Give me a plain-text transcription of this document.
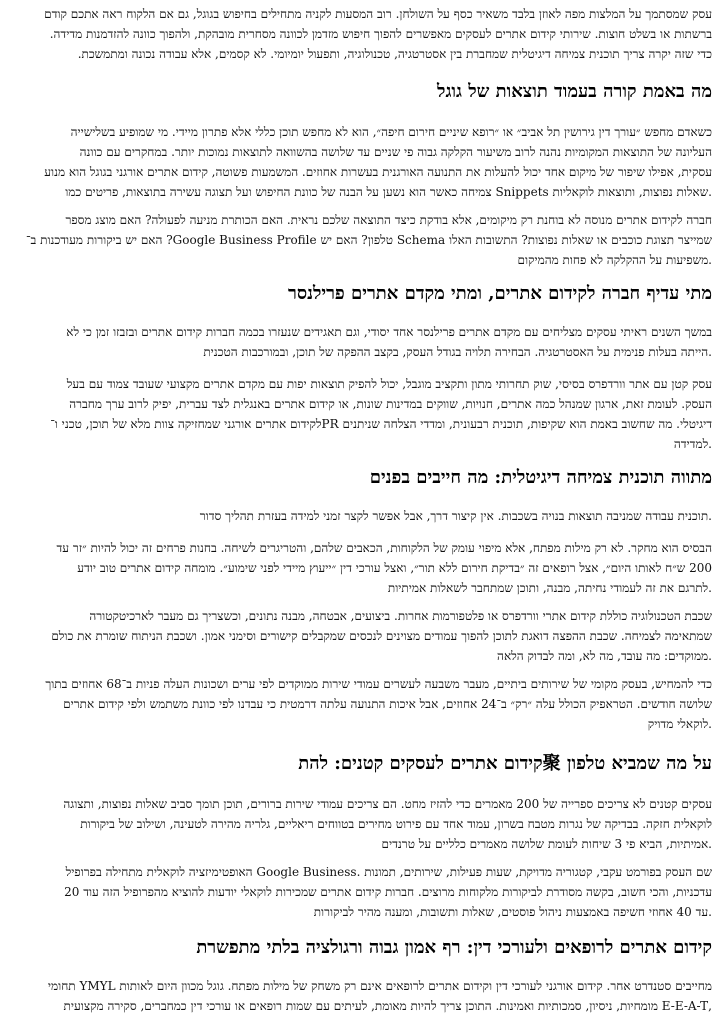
עסק שמסתמך על המלצות מפה לאוזן בלבד משאיר כסף על השולחן. רוב המסעות לקניה מתחילים בחיפוש בגוגל, גם אם הלקוח ראה אתכם קודם
ברשתות או בשלט חוצות. שירותי קידום אתרים לעסקים מאפשרים להפוך חיפוש מזדמן לכוונה מסחרית מובהקת, ולהפוך כוונה להזדמנות מדידה.
כדי שזה יקרה צריך תוכנית צמיחה דיגיטלית שמחברת בין אסטרטגיה, טכנולוגיה, ותפעול יומיומי. לא קסמים, אלא עבודה נכונה ומתמשכת.

מה באמת קורה בעמוד תוצאות של גוגל

כשאדם מחפש ״עורך דין גירושין תל אביב״ או ״רופא שיניים חירום חיפה״, הוא לא מחפש תוכן כללי אלא פתרון מיידי. מי שמופיע בשלישייה
העליונה של התוצאות המקומיות נהנה לרוב משיעור הקלקה גבוה פי שניים עד שלושה בהשוואה לתוצאות נמוכות יותר. במחקרים עם כוונה
עסקית, אפילו שיפור של מיקום אחד יכול להעלות את התנועה האורגנית בעשרות אחוזים. המשמעות פשוטה, קידום אתרים אורגני בגוגל הוא מנוע
.שאלות נפוצות, ותוצאות לוקאליות Snippets צמיחה כאשר הוא נשען על הבנה של כוונת החיפוש ועל תצוגה עשירה בתוצאות, פריטים כמו

חברה לקידום אתרים מנוסה לא בוחנת רק מיקומים, אלא בודקת כיצד התוצאה שלכם נראית. האם הכותרת מניעה לפעולה? האם מוצג מספר
שמייצר תצוגת כוכבים או שאלות נפוצות? התשובות האלו Schema טלפון? האם יש Google Business Profile? האם יש ביקורות מעודכנות ב־
.משפיעות על ההקלקה לא פחות מהמיקום

מתי עדיף חברה לקידום אתרים, ומתי מקדם אתרים פרילנסר

במשך השנים ראיתי עסקים מצליחים עם מקדם אתרים פרילנסר אחד יסודי, וגם תאגידים שנעזרו בכמה חברות קידום אתרים ובזבזו זמן כי לא
.הייתה בעלות פנימית על האסטרטגיה. הבחירה תלויה בגודל העסק, בקצב ההפקה של תוכן, ובמורכבות הטכנית

עסק קטן עם אתר וורדפרס בסיסי, שוק תחרותי מתון ותקציב מוגבל, יכול להפיק תוצאות יפות עם מקדם אתרים מקצועי שעובד צמוד עם בעל
העסק. לעומת זאת, ארגון שמנהל כמה אתרים, חנויות, שווקים במדינות שונות, או קידום אתרים באנגלית לצד עברית, יפיק לרוב ערך מחברה
דיגיטלי. מה שחשוב באמת הוא שקיפות, תוכנית רבעונית, ומדדי הצלחה שניתנים PRלקידום אתרים אורגני שמחזיקה צוות מלא של תוכן, טכני ו־
.למדידה

מתווה תוכנית צמיחה דיגיטלית: מה חייבים בפנים

.תוכנית עבודה שמניבה תוצאות בנויה בשכבות. אין קיצור דרך, אבל אפשר לקצר זמני למידה בעזרת תהליך סדור

הבסיס הוא מחקר. לא רק מילות מפתח, אלא מיפוי עומק של הלקוחות, הכאבים שלהם, והטריגרים לשיחה. בחנות פרחים זה יכול להיות ״זר עד
200 ש״ח לאותו היום״, אצל רופאים זה ״בדיקת חירום ללא תור״, ואצל עורכי דין ״ייעוץ מיידי לפני שימוע״. מומחה קידום אתרים טוב יודע
.לתרגם את זה לעמודי נחיתה, מבנה, ותוכן שמתחבר לשאלות אמיתיות

שכבת הטכנולוגיה כוללת קידום אתרי וורדפרס או פלטפורמות אחרות. ביצועים, אבטחה, מבנה נתונים, וכשצריך גם מעבר לארכיטקטורה
שמתאימה לצמיחה. שכבת ההפצה דואגת לתוכן להפוך עמודים מצוינים לנכסים שמקבלים קישורים וסימני אמון. ושכבת הניתוח שומרת את כולם
.ממוקדים: מה עובד, מה לא, ומה לבדוק הלאה

כדי להמחיש, בעסק מקומי של שירותים ביתיים, מעבר משבעה לעשרים עמודי שירות ממוקדים לפי ערים ושכונות העלה פניות ב־68 אחוזים בתוך
שלושה חודשים. הטראפיק הכולל עלה ״רק״ ב־24 אחוזים, אבל איכות התנועה עלתה דרמטית כי עבדנו לפי כוונת משתמש ולפי קידום אתרים
.לוקאלי מדויק

על מה שמביא טלפון 聚קידום אתרים לעסקים קטנים: להת

עסקים קטנים לא צריכים ספרייה של 200 מאמרים כדי להזיז מחט. הם צריכים עמודי שירות ברורים, תוכן תומך סביב שאלות נפוצות, ותצוגה
לוקאלית חזקה. בבדיקה של נגרות מטבח בשרון, עמוד אחד עם פירוט מחירים בטווחים ריאליים, גלריה מהירה לטעינה, ושילוב של ביקורות
.אמיתיות, הביא פי 3 שיחות לעומת שלושה מאמרים כלליים על טרנדים

שם העסק בפורמט עקבי, קטגוריה מדויקת, שעות פעילות, שירותים, תמונות .Google Business האופטימיזציה לוקאלית מתחילה בפרופיל
עדכניות, והכי חשוב, בקשה מסודרת לביקורות מלקוחות מרוצים. חברות קידום אתרים שמכירות לוקאלי יודעות להוציא מהפרופיל הזה עוד 20
.עד 40 אחוזי חשיפה באמצעות ניהול פוסטים, שאלות ותשובות, ומענה מהיר לביקורות

קידום אתרים לרופאים ולעורכי דין: רף אמון גבוה ורגולציה בלתי מתפשרת

מחייבים סטנדרט אחר. קידום אורגני לעורכי דין וקידום אתרים לרופאים אינם רק משחק של מילות מפתח. גוגל מכוון היום לאותות YMYL תחומי
,E-E-A-T מומחיות, ניסיון, סמכותיות ואמינות. התוכן צריך להיות מאומת, לעיתים עם שמות רופאים או עורכי דין כמחברים, סקירה מקצועית
